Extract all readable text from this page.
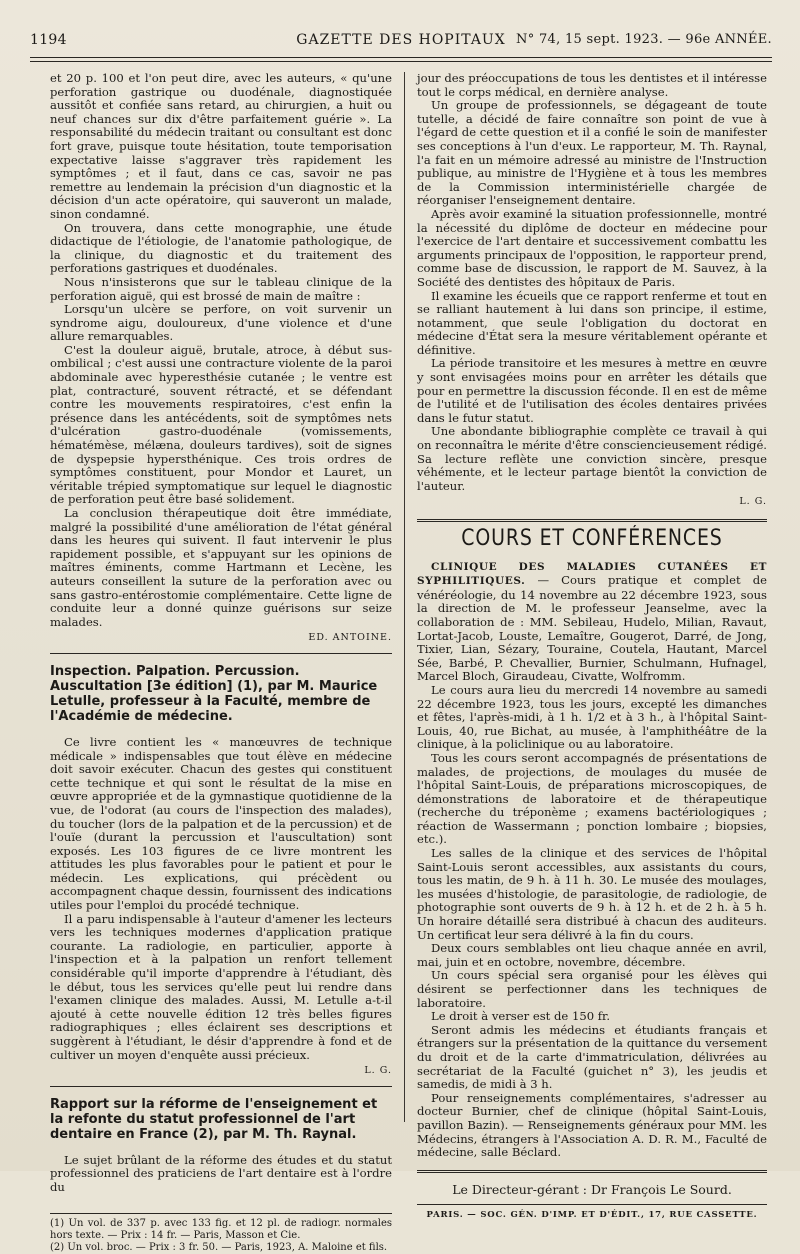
1194	GAZETTE DES HOPITAUX N° 74, 15 sept. 1923. — 96e ANNÉE.

et 20 p. 100 et l'on peut dire, avec les auteurs, « qu'une perforation gastrique ou duodénale, diagnostiquée aussitôt et confiée sans retard, au chirurgien, a huit ou neuf chances sur dix d'être parfaitement guérie ». La responsabilité du médecin traitant ou consultant est donc fort grave, puisque toute hésitation, toute temporisation expectative laisse s'aggraver très rapidement les symptômes ; et il faut, dans ce cas, savoir ne pas remettre au lendemain la précision d'un diagnostic et la décision d'un acte opératoire, qui sauveront un malade, sinon condamné.

On trouvera, dans cette monographie, une étude didactique de l'étiologie, de l'anatomie pathologique, de la clinique, du diagnostic et du traitement des perforations gastriques et duodénales.

Nous n'insisterons que sur le tableau clinique de la perforation aiguë, qui est brossé de main de maître :

Lorsqu'un ulcère se perfore, on voit survenir un syndrome aigu, douloureux, d'une violence et d'une allure remarquables.

C'est la douleur aiguë, brutale, atroce, à début sus-ombilical ; c'est aussi une contracture violente de la paroi abdominale avec hyperesthésie cutanée ; le ventre est plat, contracturé, souvent rétracté, et se défendant contre les mouvements respiratoires, c'est enfin la présence dans les antécédents, soit de symptômes nets d'ulcération gastro-duodénale (vomissements, hématémèse, mélæna, douleurs tardives), soit de signes de dyspepsie hypersthénique. Ces trois ordres de symptômes constituent, pour Mondor et Lauret, un véritable trépied symptomatique sur lequel le diagnostic de perforation peut être basé solidement.

La conclusion thérapeutique doit être immédiate, malgré la possibilité d'une amélioration de l'état général dans les heures qui suivent. Il faut intervenir le plus rapidement possible, et s'appuyant sur les opinions de maîtres éminents, comme Hartmann et Lecène, les auteurs conseillent la suture de la perforation avec ou sans gastro-entérostomie complémentaire. Cette ligne de conduite leur a donné quinze guérisons sur seize malades.

ED. ANTOINE.

Inspection. Palpation. Percussion. Auscultation [3e édition] (1), par M. Maurice Letulle, professeur à la Faculté, membre de l'Académie de médecine.

Ce livre contient les « manœuvres de technique médicale » indispensables que tout élève en médecine doit savoir exécuter. Chacun des gestes qui constituent cette technique et qui sont le résultat de la mise en œuvre appropriée et de la gymnastique quotidienne de la vue, de l'odorat (au cours de l'inspection des malades), du toucher (lors de la palpation et de la percussion) et de l'ouïe (durant la percussion et l'auscultation) sont exposés. Les 103 figures de ce livre montrent les attitudes les plus favorables pour le patient et pour le médecin. Les explications, qui précèdent ou accompagnent chaque dessin, fournissent des indications utiles pour l'emploi du procédé technique.

Il a paru indispensable à l'auteur d'amener les lecteurs vers les techniques modernes d'application pratique courante. La radiologie, en particulier, apporte à l'inspection et à la palpation un renfort tellement considérable qu'il importe d'apprendre à l'étudiant, dès le début, tous les services qu'elle peut lui rendre dans l'examen clinique des malades. Aussi, M. Letulle a-t-il ajouté à cette nouvelle édition 12 très belles figures radiographiques ; elles éclairent ses descriptions et suggèrent à l'étudiant, le désir d'apprendre à fond et de cultiver un moyen d'enquête aussi précieux.

L. G.

Rapport sur la réforme de l'enseignement et la refonte du statut professionnel de l'art dentaire en France (2), par M. Th. Raynal.

Le sujet brûlant de la réforme des études et du statut professionnel des praticiens de l'art dentaire est à l'ordre du

(1) Un vol. de 337 p. avec 133 fig. et 12 pl. de radiogr. normales hors texte. — Prix : 14 fr. — Paris, Masson et Cie.

(2) Un vol. broc. — Prix : 3 fr. 50. — Paris, 1923, A. Maloine et fils.

jour des préoccupations de tous les dentistes et il intéresse tout le corps médical, en dernière analyse.

Un groupe de professionnels, se dégageant de toute tutelle, a décidé de faire connaître son point de vue à l'égard de cette question et il a confié le soin de manifester ses conceptions à l'un d'eux. Le rapporteur, M. Th. Raynal, l'a fait en un mémoire adressé au ministre de l'Instruction publique, au ministre de l'Hygiène et à tous les membres de la Commission interministérielle chargée de réorganiser l'enseignement dentaire.

Après avoir examiné la situation professionnelle, montré la nécessité du diplôme de docteur en médecine pour l'exercice de l'art dentaire et successivement combattu les arguments principaux de l'opposition, le rapporteur prend, comme base de discussion, le rapport de M. Sauvez, à la Société des dentistes des hôpitaux de Paris.

Il examine les écueils que ce rapport renferme et tout en se ralliant hautement à lui dans son principe, il estime, notamment, que seule l'obligation du doctorat en médecine d'État sera la mesure véritablement opérante et définitive.

La période transitoire et les mesures à mettre en œuvre y sont envisagées moins pour en arrêter les détails que pour en permettre la discussion féconde. Il en est de même de l'utilité et de l'utilisation des écoles dentaires privées dans le futur statut.

Une abondante bibliographie complète ce travail à qui on reconnaîtra le mérite d'être consciencieusement rédigé. Sa lecture reflète une conviction sincère, presque véhémente, et le lecteur partage bientôt la conviction de l'auteur.

L. G.
COURS ET CONFÉRENCES

CLINIQUE DES MALADIES CUTANÉES ET SYPHILITIQUES. — Cours pratique et complet de vénéréologie, du 14 novembre au 22 décembre 1923, sous la direction de M. le professeur Jeanselme, avec la collaboration de : MM. Sebileau, Hudelo, Milian, Ravaut, Lortat-Jacob, Louste, Lemaître, Gougerot, Darré, de Jong, Tixier, Lian, Sézary, Touraine, Coutela, Hautant, Marcel Sée, Barbé, P. Chevallier, Burnier, Schulmann, Hufnagel, Marcel Bloch, Giraudeau, Civatte, Wolfromm.

Le cours aura lieu du mercredi 14 novembre au samedi 22 décembre 1923, tous les jours, excepté les dimanches et fêtes, l'après-midi, à 1 h. 1/2 et à 3 h., à l'hôpital Saint-Louis, 40, rue Bichat, au musée, à l'amphithéâtre de la clinique, à la policlinique ou au laboratoire.

Tous les cours seront accompagnés de présentations de malades, de projections, de moulages du musée de l'hôpital Saint-Louis, de préparations microscopiques, de démonstrations de laboratoire et de thérapeutique (recherche du tréponème ; examens bactériologiques ; réaction de Wassermann ; ponction lombaire ; biopsies, etc.).

Les salles de la clinique et des services de l'hôpital Saint-Louis seront accessibles, aux assistants du cours, tous les matin, de 9 h. à 11 h. 30. Le musée des moulages, les musées d'histologie, de parasitologie, de radiologie, de photographie sont ouverts de 9 h. à 12 h. et de 2 h. à 5 h. Un horaire détaillé sera distribué à chacun des auditeurs. Un certificat leur sera délivré à la fin du cours.

Deux cours semblables ont lieu chaque année en avril, mai, juin et en octobre, novembre, décembre.

Un cours spécial sera organisé pour les élèves qui désirent se perfectionner dans les techniques de laboratoire.

Le droit à verser est de 150 fr.

Seront admis les médecins et étudiants français et étrangers sur la présentation de la quittance du versement du droit et de la carte d'immatriculation, délivrées au secrétariat de la Faculté (guichet n° 3), les jeudis et samedis, de midi à 3 h.

Pour renseignements complémentaires, s'adresser au docteur Burnier, chef de clinique (hôpital Saint-Louis, pavillon Bazin). — Renseignements généraux pour MM. les Médecins, étrangers à l'Association A. D. R. M., Faculté de médecine, salle Béclard.

Le Directeur-gérant : Dr François Le Sourd.
PARIS. — SOC. GÉN. D'IMP. ET D'ÉDIT., 17, RUE CASSETTE.
